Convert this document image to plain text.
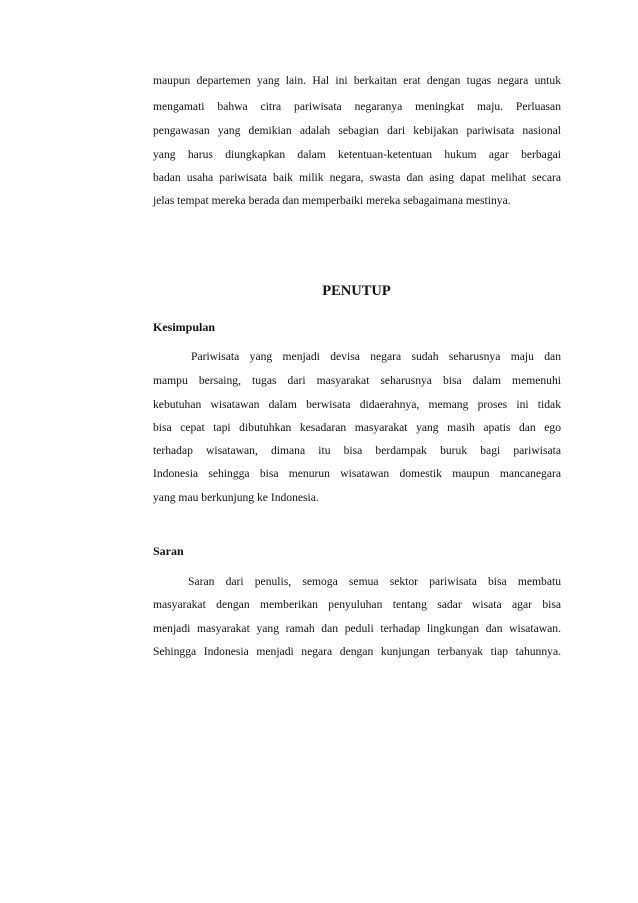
maupun departemen yang lain. Hal ini berkaitan erat dengan tugas negara untuk
mengamati bahwa citra pariwisata negaranya meningkat maju. Perluasan
pengawasan yang demikian adalah sebagian dari kebijakan pariwisata nasional
yang harus diungkapkan dalam ketentuan-ketentuan hukum agar berbagai
badan usaha pariwisata baik milik negara, swasta dan asing dapat melihat secara
jelas tempat mereka berada dan memperbaiki mereka sebagaimana mestinya.
PENUTUP
Kesimpulan
Pariwisata yang menjadi devisa negara sudah seharusnya maju dan
mampu bersaing, tugas dari masyarakat seharusnya bisa dalam memenuhi
kebutuhan wisatawan dalam berwisata didaerahnya, memang proses ini tidak
bisa cepat tapi dibutuhkan kesadaran masyarakat yang masih apatis dan ego
terhadap wisatawan, dimana itu bisa berdampak buruk bagi pariwisata
Indonesia sehingga bisa menurun wisatawan domestik maupun mancanegara
yang mau berkunjung ke Indonesia.
Saran
Saran dari penulis, semoga semua sektor pariwisata bisa membatu
masyarakat dengan memberikan penyuluhan tentang sadar wisata agar bisa
menjadi masyarakat yang ramah dan peduli terhadap lingkungan dan wisatawan.
Sehingga Indonesia menjadi negara dengan kunjungan terbanyak tiap tahunnya.
